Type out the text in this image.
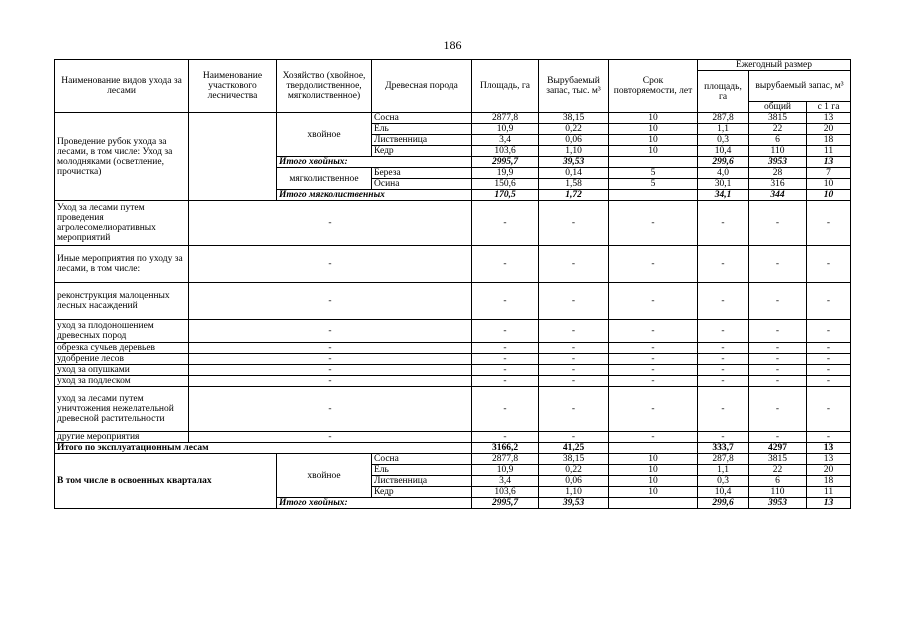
186
Наименование видов ухода за лесами	Наименование участкового лесничества	Хозяйство (хвойное, твердолиственное, мягколиственное)	Древесная порода	Площадь, га	Вырубаемый запас, тыс. м³	Срок повторяемости, лет	Ежегодный размер		
							площадь, га	вырубаемый запас, м³	
								общий	с 1 га
Проведение рубок ухода за лесами, в том числе: Уход за молодняками (осветление, прочистка)		хвойное	Сосна	2877,8	38,15	10	287,8	3815	13
			Ель	10,9	0,22	10	1,1	22	20
			Лиственница	3,4	0,06	10	0,3	6	18
			Кедр	103,6	1,10	10	10,4	110	11
		Итого хвойных:		2995,7	39,53		299,6	3953	13
		мягколиственное	Береза	19,9	0,14	5	4,0	28	7
			Осина	150,6	1,58	5	30,1	316	10
		Итого мягколиственных		170,5	1,72		34,1	344	10
Уход за лесами путем проведения агролесомелиоративных мероприятий	-			-	-	-	-	-	-
Иные мероприятия по уходу за лесами, в том числе:	-			-	-	-	-	-	-
реконструкция малоценных лесных насаждений	-			-	-	-	-	-	-
уход за плодоношением древесных пород	-			-	-	-	-	-	-
обрезка сучьев деревьев	-			-	-	-	-	-	-
удобрение лесов	-			-	-	-	-	-	-
уход за опушками	-			-	-	-	-	-	-
уход за подлеском	-			-	-	-	-	-	-
уход за лесами путем уничтожения нежелательной древесной растительности	-			-	-	-	-	-	-
другие мероприятия	-			-	-	-	-	-	-
Итого по эксплуатационным лесам				3166,2	41,25		333,7	4297	13
В том числе в освоенных кварталах		хвойное	Сосна	2877,8	38,15	10	287,8	3815	13
			Ель	10,9	0,22	10	1,1	22	20
			Лиственница	3,4	0,06	10	0,3	6	18
			Кедр	103,6	1,10	10	10,4	110	11
		Итого хвойных:		2995,7	39,53		299,6	3953	13
